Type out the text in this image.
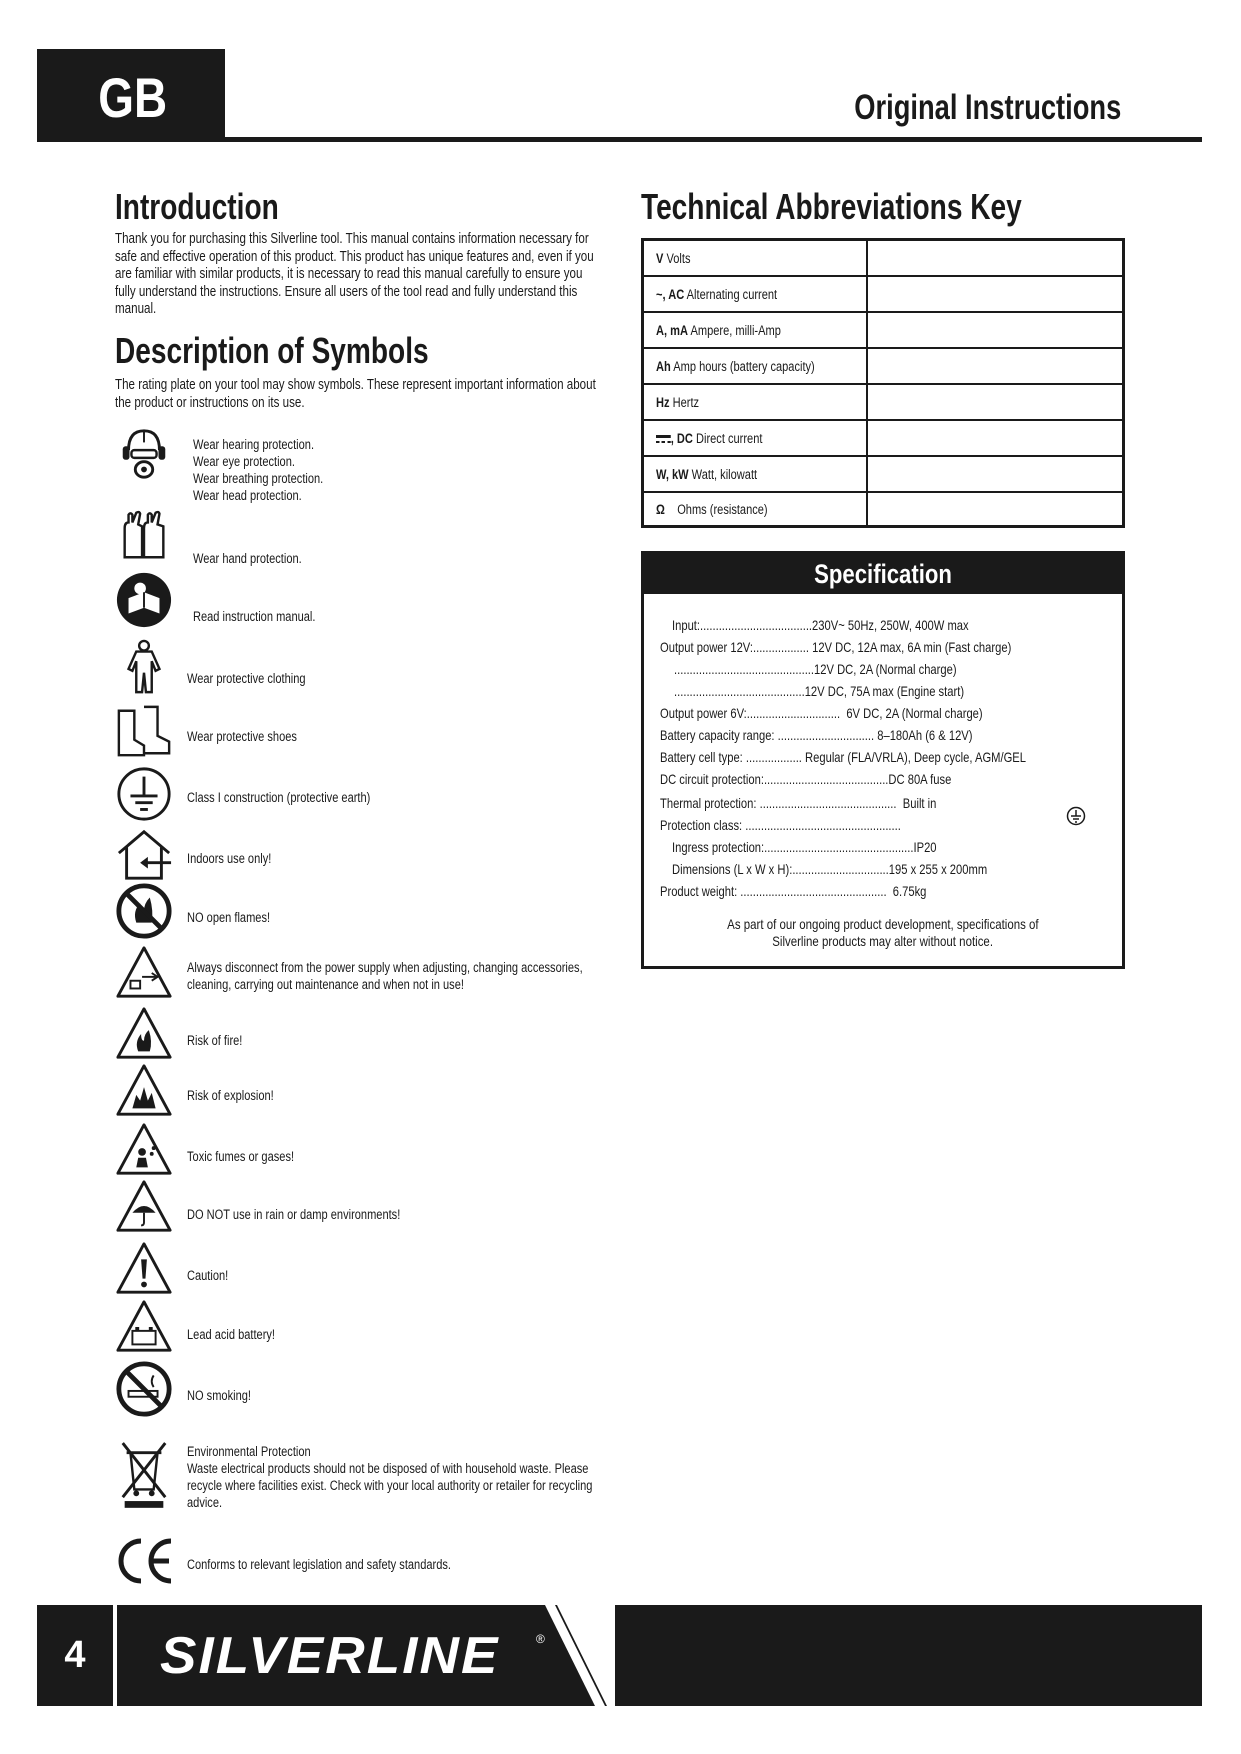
GB	Original Instructions
Introduction
Thank you for purchasing this Silverline tool. This manual contains information necessary for safe and effective operation of this product. This product has unique features and, even if you are familiar with similar products, it is necessary to read this manual carefully to ensure you fully understand the instructions. Ensure all users of the tool read and fully understand this manual.
Description of Symbols
The rating plate on your tool may show symbols. These represent important information about the product or instructions on its use.
Wear hearing protection.
Wear eye protection.
Wear breathing protection.
Wear head protection.
Wear hand protection.
Read instruction manual.
Wear protective clothing
Wear protective shoes
Class I construction (protective earth)
Indoors use only!
NO open flames!
Always disconnect from the power supply when adjusting, changing accessories,
cleaning, carrying out maintenance and when not in use!
Risk of fire!
Risk of explosion!
Toxic fumes or gases!
DO NOT use in rain or damp environments!
Caution!
Lead acid battery!
NO smoking!
Environmental Protection
Waste electrical products should not be disposed of with household waste. Please
recycle where facilities exist. Check with your local authority or retailer for recycling
advice.
Conforms to relevant legislation and safety standards.
Technical Abbreviations Key
V Volts
~, AC Alternating current
A, mA Ampere, milli-Amp
Ah Amp hours (battery capacity)
Hz Hertz
, DC Direct current
W, kW Watt, kilowatt
Ω Ohms (resistance)
Specification
Input:....................................230V~ 50Hz, 250W, 400W max
Output power 12V:.................. 12V DC, 12A max, 6A min (Fast charge)
.............................................12V DC, 2A (Normal charge)
..........................................12V DC, 75A max (Engine start)
Output power 6V:..............................  6V DC, 2A (Normal charge)
Battery capacity range: ............................... 8–180Ah (6 & 12V)
Battery cell type: .................. Regular (FLA/VRLA), Deep cycle, AGM/GEL
DC circuit protection:........................................DC 80A fuse
Thermal protection: ............................................  Built in
Protection class: ..................................................
Ingress protection:................................................IP20
Dimensions (L x W x H):...............................195 x 255 x 200mm
Product weight: ...............................................  6.75kg
As part of our ongoing product development, specifications of
Silverline products may alter without notice.
4	SILVERLINE	®
